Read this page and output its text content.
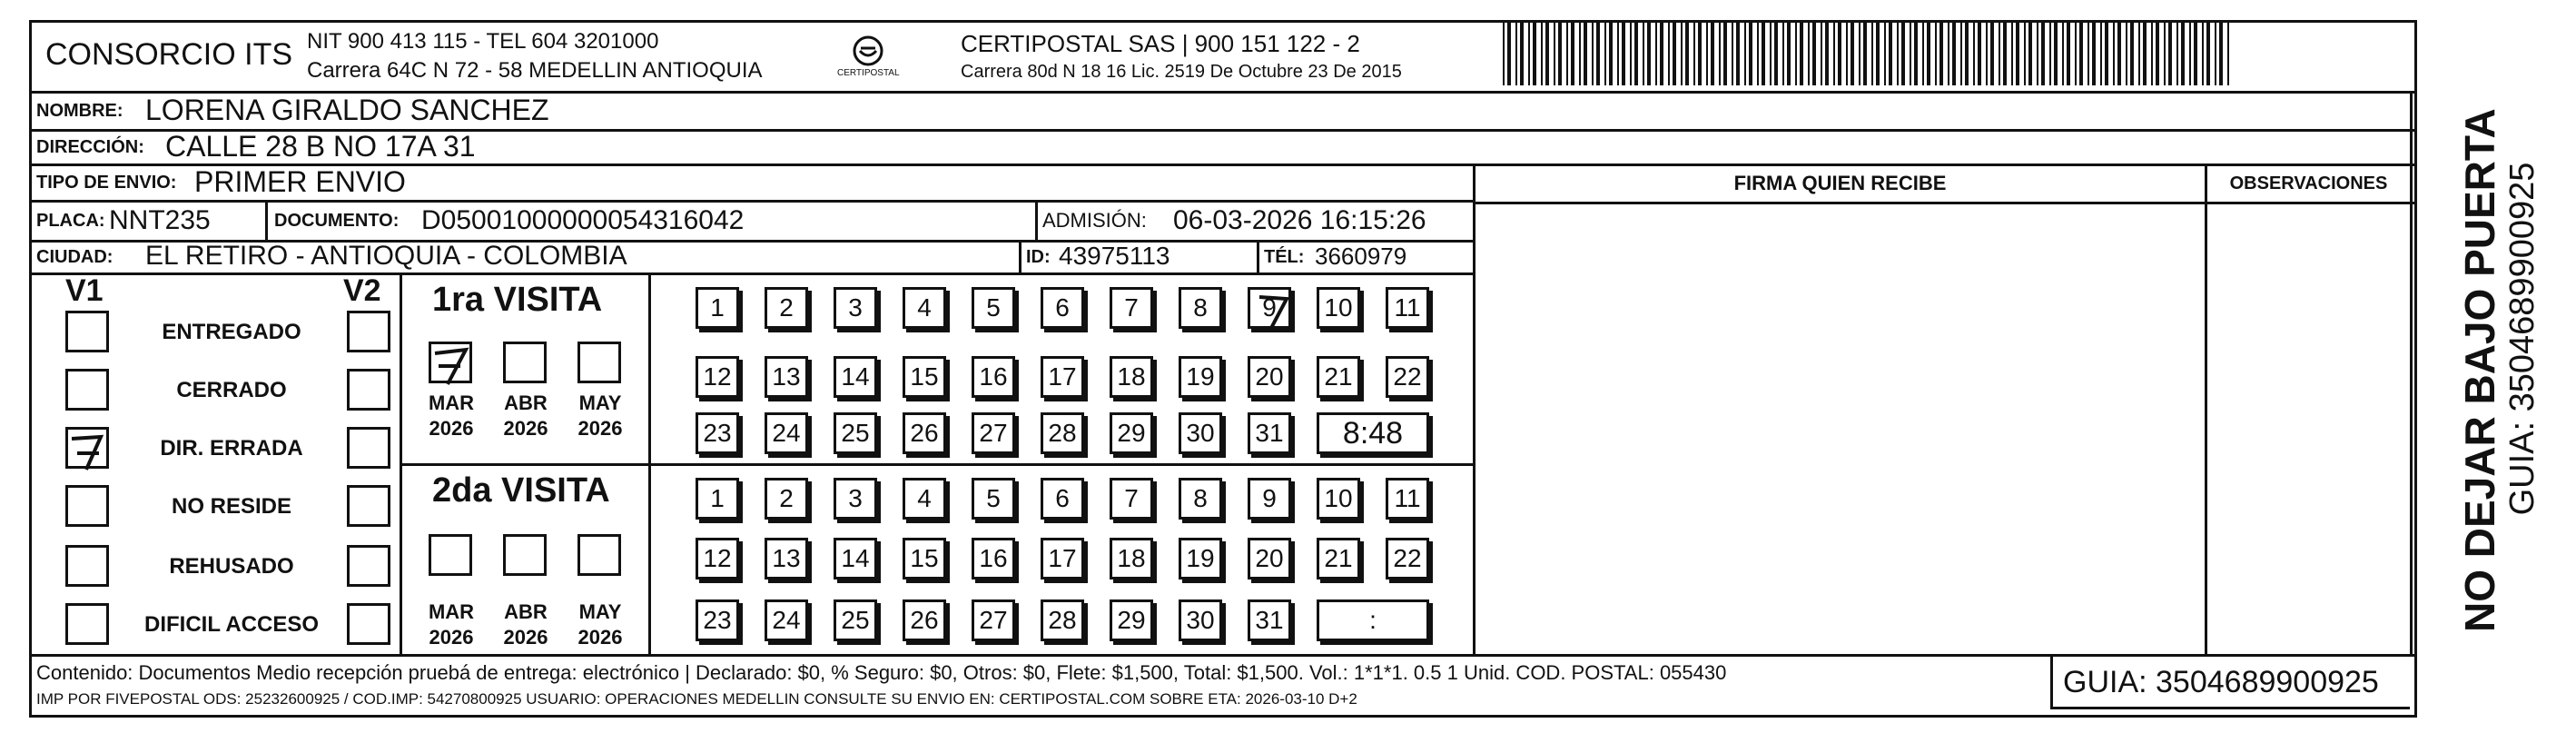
CONSORCIO ITS NIT 900 413 115 - TEL 604 3201000
Carrera 64C N 72 - 58 MEDELLIN ANTIOQUIA	CERTIPOSTAL
CERTIPOSTAL SAS | 900 151 122 - 2
Carrera 80d N 18 16 Lic. 2519 De Octubre 23 De 2015
NOMBRE: LORENA GIRALDO SANCHEZ
DIRECCIÓN: CALLE 28 B NO 17A 31
TIPO DE ENVIO: PRIMER ENVIO	FIRMA QUIEN RECIBE	OBSERVACIONES
PLACA: NNT235	DOCUMENTO: D05001000000054316042	ADMISIÓN: 06-03-2026 16:15:26
CIUDAD: EL RETIRO - ANTIOQUIA - COLOMBIA	ID: 43975113	TÉL: 3660979
V1	V2
ENTREGADO
CERRADO
DIR. ERRADA
NO RESIDE
REHUSADO
DIFICIL ACCESO
1ra VISITA
2da VISITA
MAR
2026
ABR
2026
MAY
2026
MAR
2026
ABR
2026
MAY
2026
1 2 3 4 5 6 7 8 9 10 11
12 13 14 15 16 17 18 19 20 21 22
23 24 25 26 27 28 29 30 31	8:48
1 2 3 4 5 6 7 8 9 10 11
12 13 14 15 16 17 18 19 20 21 22
23 24 25 26 27 28 29 30 31	:	NO DEJAR BAJO PUERTA GUIA: 3504689900925
Contenido: Documentos Medio recepción pruebá de entrega: electrónico | Declarado: $0, % Seguro: $0, Otros: $0, Flete: $1,500, Total: $1,500. Vol.: 1*1*1. 0.5 1 Unid. COD. POSTAL: 055430
IMP POR FIVEPOSTAL ODS: 25232600925 / COD.IMP: 54270800925 USUARIO: OPERACIONES MEDELLIN CONSULTE SU ENVIO EN: CERTIPOSTAL.COM SOBRE ETA: 2026-03-10 D+2	GUIA: 3504689900925
